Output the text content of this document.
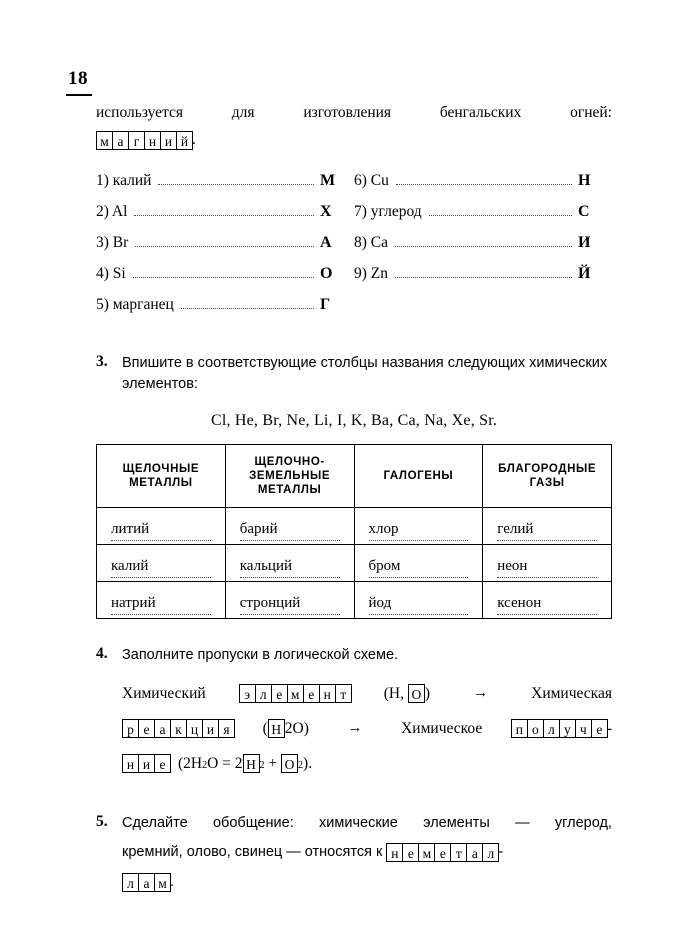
18
используется	для	изготовления	бенгальских	огней:
м а г н и й .
1) калий	М
2) Al	Х
3) Br	А
4) Si	О
5) марганец	Г
6) Cu	Н
7) углерод	С
8) Ca	И
9) Zn	Й
3. Впишите в соответствующие столбцы названия следующих химических элементов:
Cl, He, Br, Ne, Li, I, K, Ba, Ca, Na, Xe, Sr.
ЩЕЛОЧНЫЕ
МЕТАЛЛЫ

ЩЕЛОЧНО-
ЗЕМЕЛЬНЫЕ
МЕТАЛЛЫ

ГАЛОГЕНЫ

БЛАГОРОДНЫЕ
ГАЗЫ

литий	барий	хлор	гелий

калий	кальций	бром	неон

натрий	стронций	йод	ксенон
4. Заполните пропуски в логической схеме.
Химический	э л е м е н т	(H,
О )	→	Химическая
р е а к ц и я	( H 2O)	→ Химическое	п о л у ч е -
н и е ($2H_2$ O = 2 H $_2$
+
О $_2$ ).
5. Сделайте обобщение: химические элементы — углерод,
кремний, олово, свинец — относятся к
н е м е т а л -
л а м .
